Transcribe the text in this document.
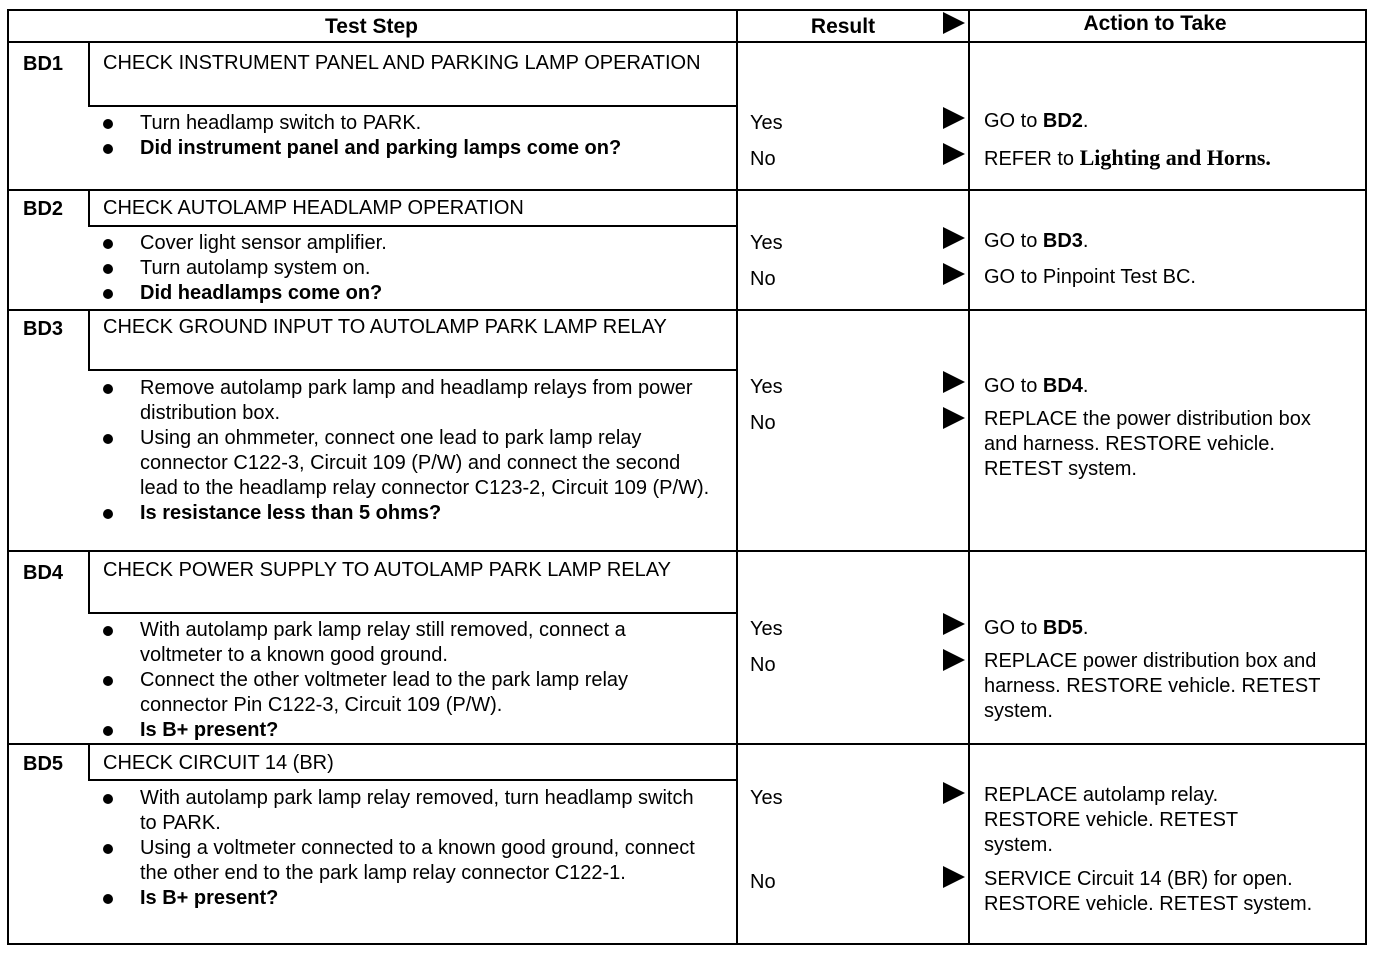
Test Step	Result	Action to Take
BD1 CHECK INSTRUMENT PANEL AND PARKING LAMP OPERATION
Turn headlamp switch to PARK.
Did instrument panel and parking lamps come on?
Yes
No
GO to BD2.
REFER to Lighting and Horns.
BD2 CHECK AUTOLAMP HEADLAMP OPERATION
Cover light sensor amplifier.
Turn autolamp system on.
Did headlamps come on?
Yes
No
GO to BD3.
GO to Pinpoint Test BC.
BD3 CHECK GROUND INPUT TO AUTOLAMP PARK LAMP RELAY
Remove autolamp park lamp and headlamp relays from power distribution box.
Using an ohmmeter, connect one lead to park lamp relay connector C122-3, Circuit 109 (P/W) and connect the second lead to the headlamp relay connector C123-2, Circuit 109 (P/W).
Is resistance less than 5 ohms?
Yes
No
GO to BD4.
REPLACE the power distribution box and harness. RESTORE vehicle. RETEST system.
BD4 CHECK POWER SUPPLY TO AUTOLAMP PARK LAMP RELAY
With autolamp park lamp relay still removed, connect a voltmeter to a known good ground.
Connect the other voltmeter lead to the park lamp relay connector Pin C122-3, Circuit 109 (P/W).
Is B+ present?
Yes
No
GO to BD5.
REPLACE power distribution box and harness. RESTORE vehicle. RETEST system.
BD5 CHECK CIRCUIT 14 (BR)
With autolamp park lamp relay removed, turn headlamp switch to PARK.
Using a voltmeter connected to a known good ground, connect the other end to the park lamp relay connector C122-1.
Is B+ present?
Yes
No
REPLACE autolamp relay. RESTORE vehicle. RETEST system.
SERVICE Circuit 14 (BR) for open. RESTORE vehicle. RETEST system.
